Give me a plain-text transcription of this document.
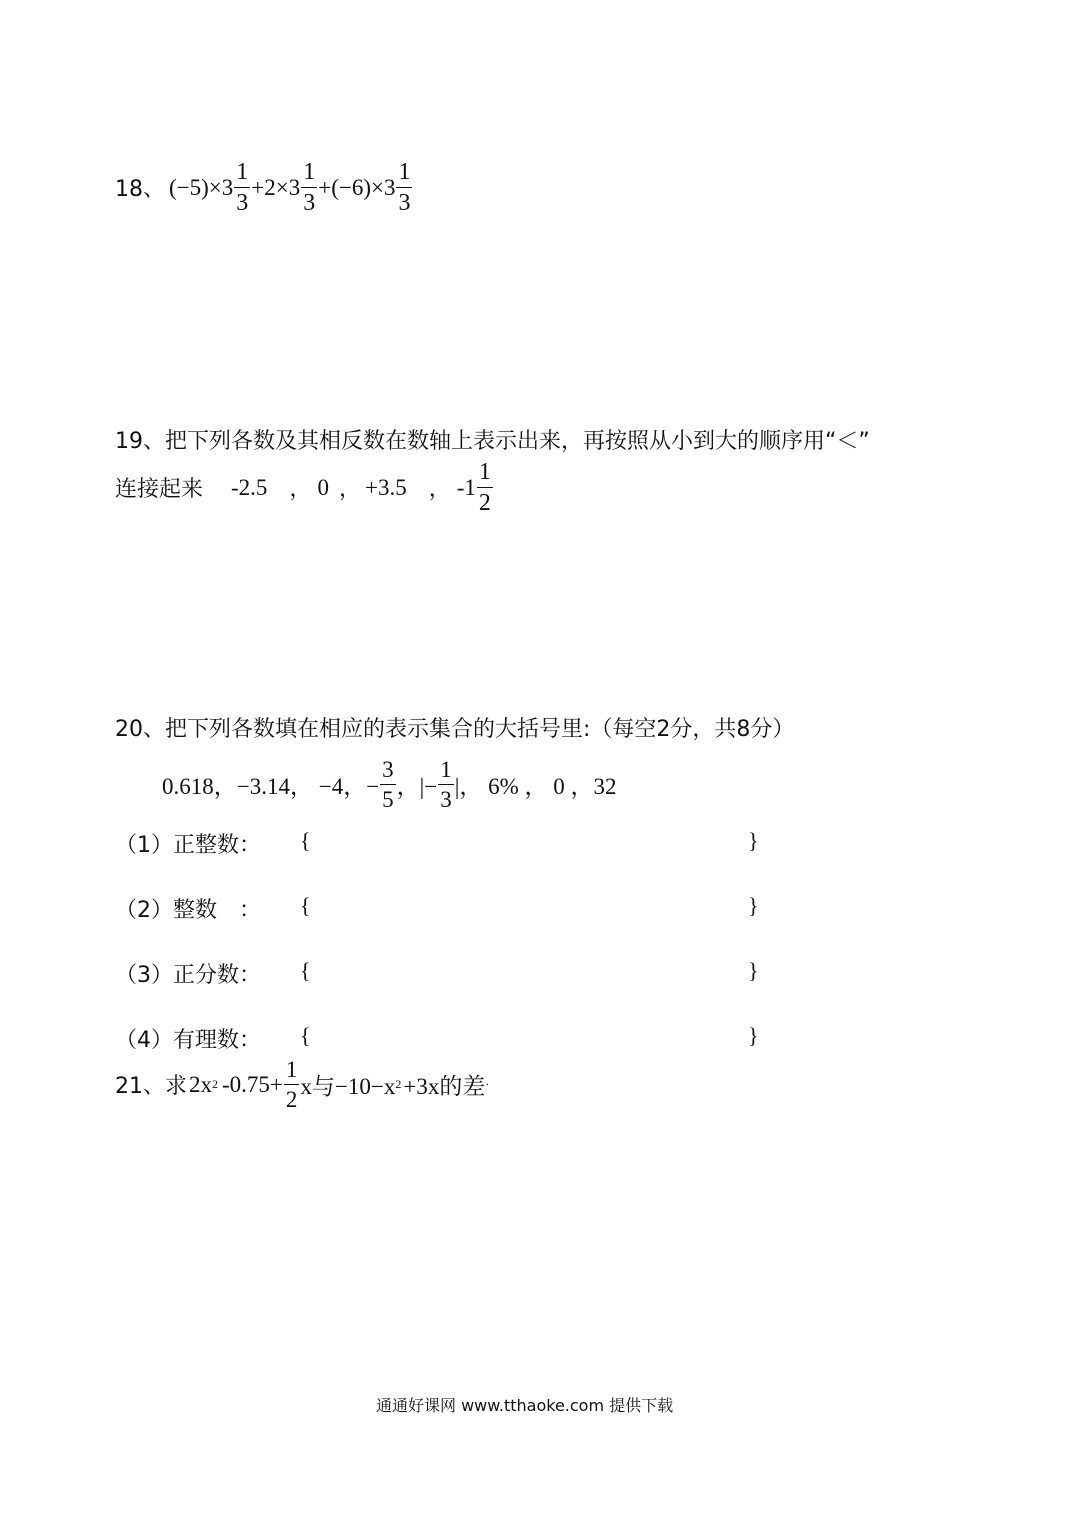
18、 $(-5)\times 3 \frac{1}{3} +2\times 3 \frac{1}{3} +(-6)\times 3 \frac{1}{3}$
19、把下列各数及其相反数在数轴上表示出来，再按照从小到大的顺序用“＜”
连接起来 -2.5 ， 0 ， +3.5 ， $-1 \frac{1}{2}$
20、把下列各数填在相应的表示集合的大括号里:（每空2分，共8分）
0.618，−3.14， −4，− $\frac{3}{5}$ ，|− $\frac{1}{3}$ |， 6% ， 0 ，32
（1）正整数： {	}
（2）整数　： {	}
（3）正分数： {	}
（4）有理数： {	}
21、求 2x 2 $-0.75+ \frac{1}{2}$ x与−10−x 2 +3x的差 ·
通通好课网 www.tthaoke.com 提供下载
